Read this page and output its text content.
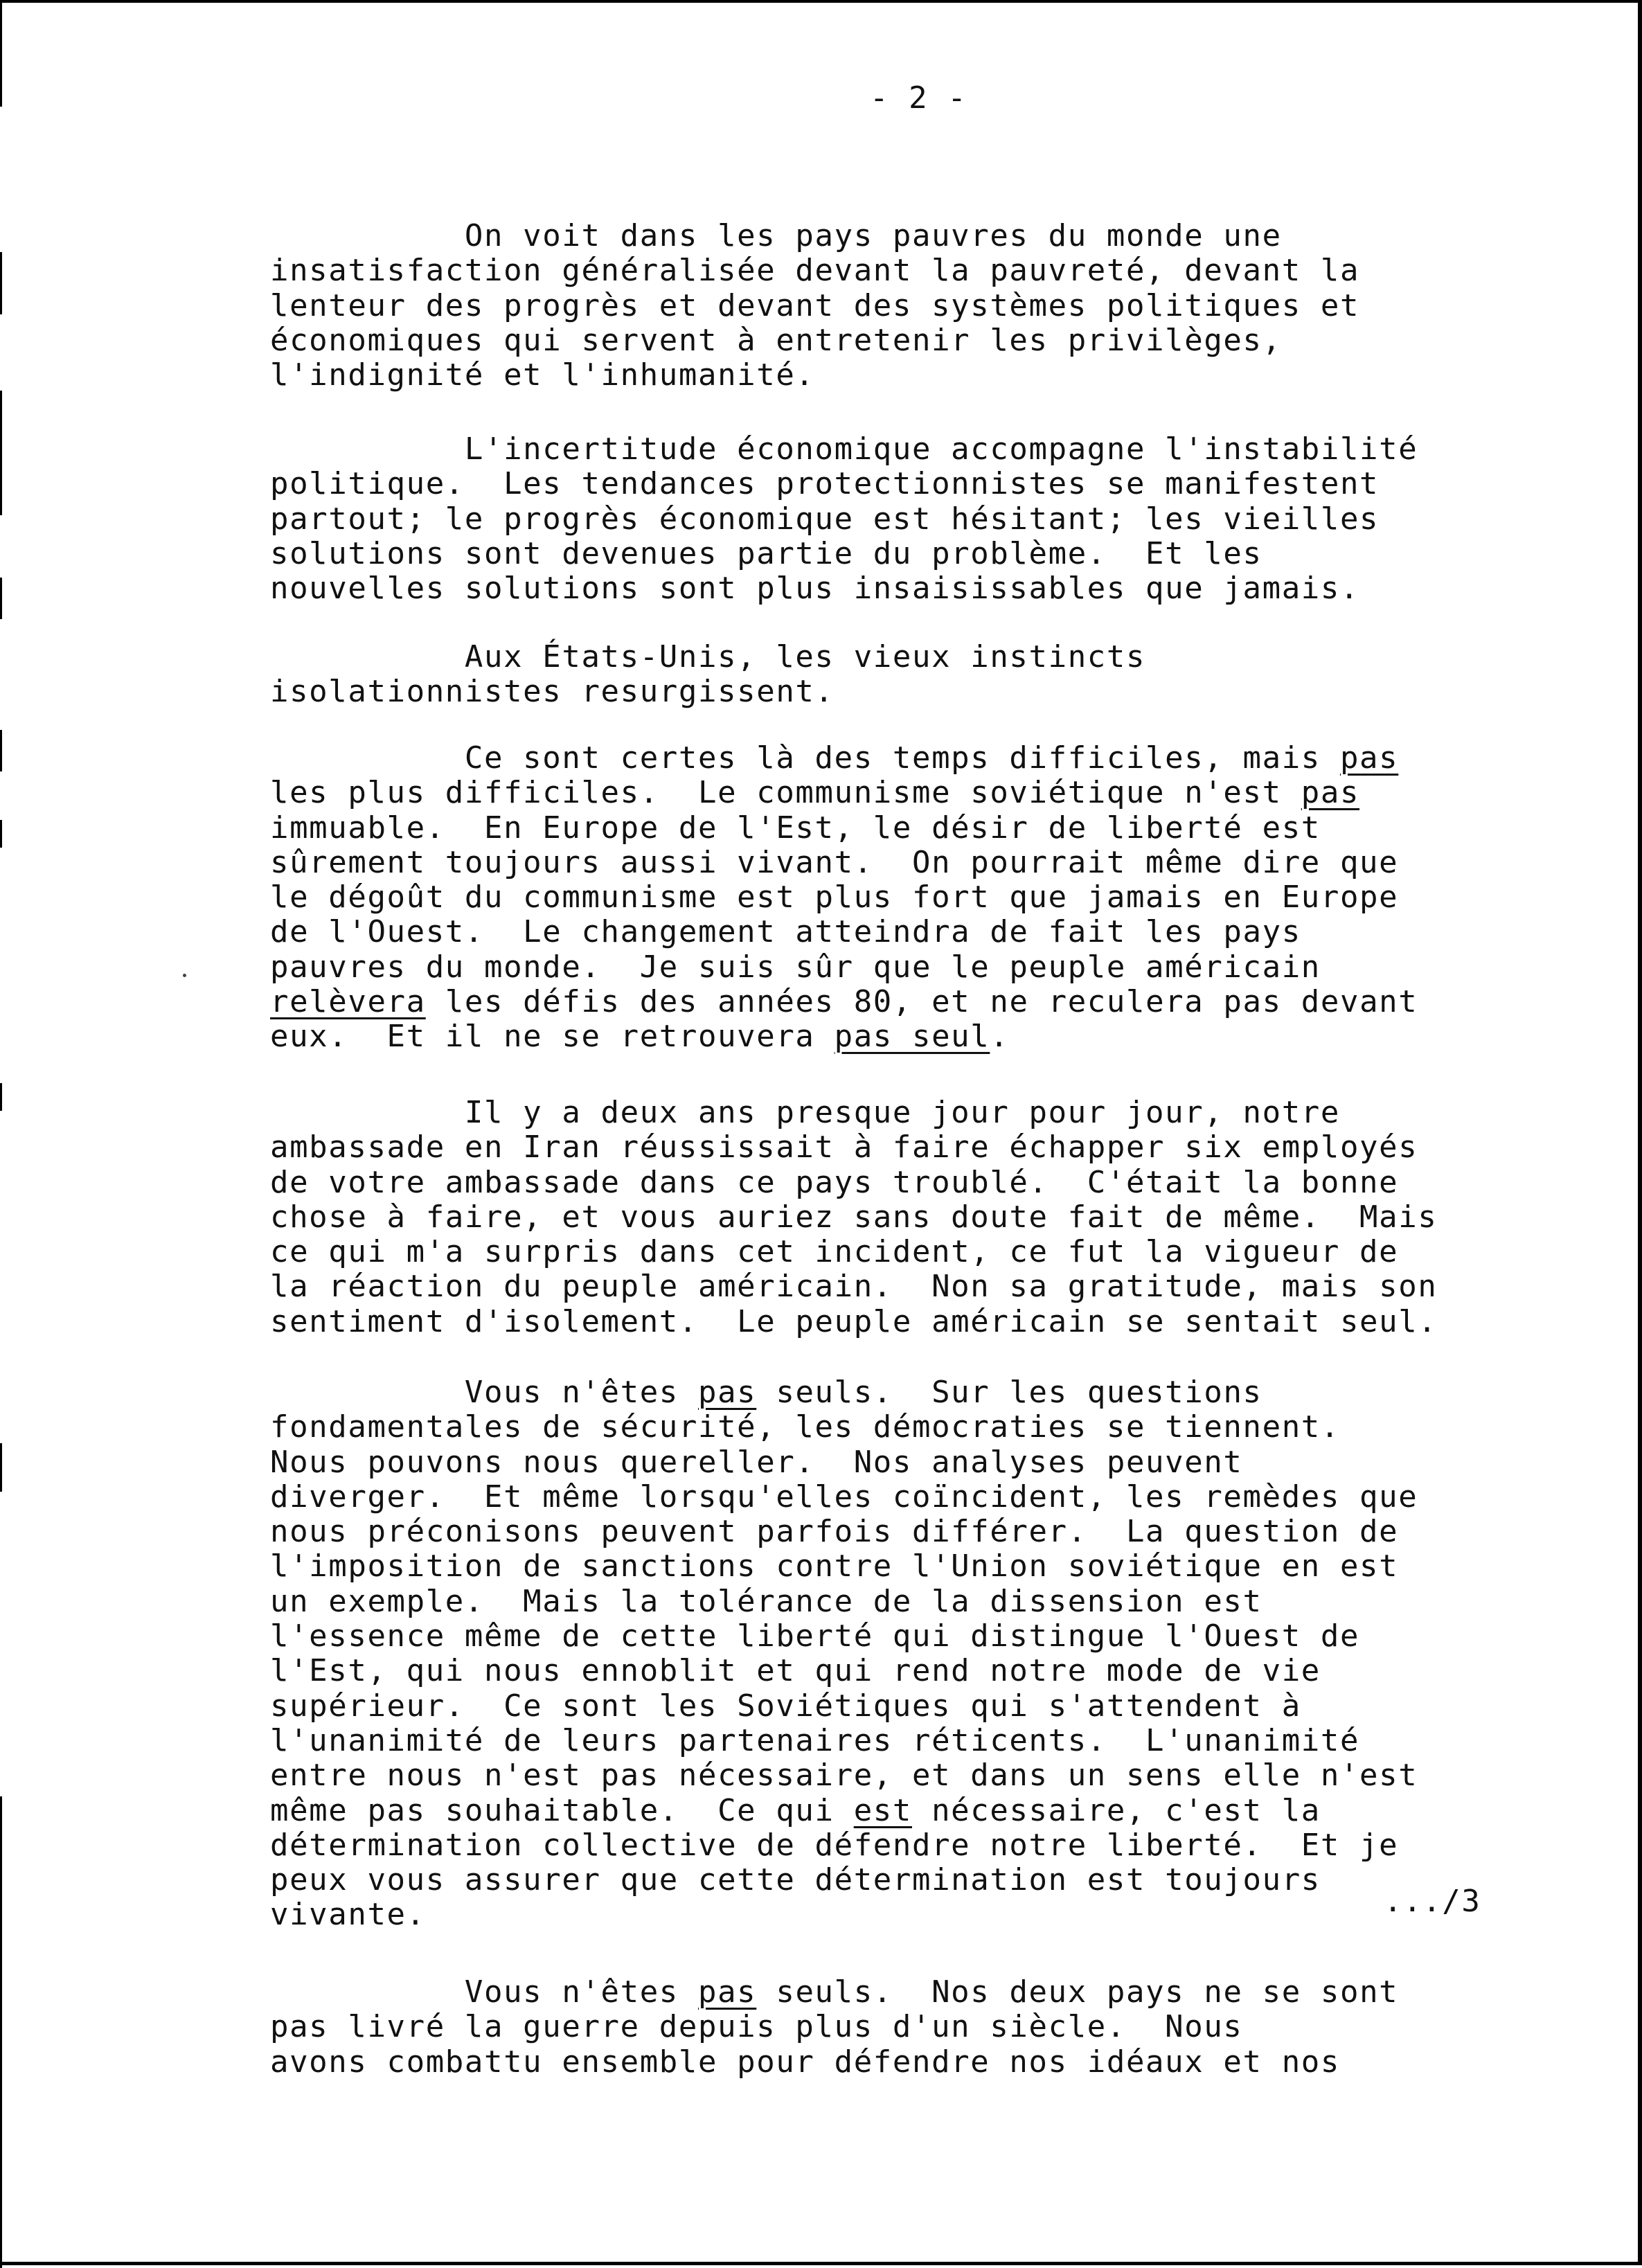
- 2 -
On voit dans les pays pauvres du monde une
insatisfaction généralisée devant la pauvreté, devant la
lenteur des progrès et devant des systèmes politiques et
économiques qui servent à entretenir les privilèges,
l'indignité et l'inhumanité.
L'incertitude économique accompagne l'instabilité
politique.  Les tendances protectionnistes se manifestent
partout; le progrès économique est hésitant; les vieilles
solutions sont devenues partie du problème.  Et les
nouvelles solutions sont plus insaisissables que jamais.
Aux États-Unis, les vieux instincts
isolationnistes resurgissent.
Ce sont certes là des temps difficiles, mais pas
les plus difficiles.  Le communisme soviétique n'est pas
immuable.  En Europe de l'Est, le désir de liberté est
sûrement toujours aussi vivant.  On pourrait même dire que
le dégoût du communisme est plus fort que jamais en Europe
de l'Ouest.  Le changement atteindra de fait les pays
pauvres du monde.  Je suis sûr que le peuple américain
relèvera les défis des années 80, et ne reculera pas devant
eux.  Et il ne se retrouvera pas seul.
Il y a deux ans presque jour pour jour, notre
ambassade en Iran réussissait à faire échapper six employés
de votre ambassade dans ce pays troublé.  C'était la bonne
chose à faire, et vous auriez sans doute fait de même.  Mais
ce qui m'a surpris dans cet incident, ce fut la vigueur de
la réaction du peuple américain.  Non sa gratitude, mais son
sentiment d'isolement.  Le peuple américain se sentait seul.
Vous n'êtes pas seuls.  Sur les questions
fondamentales de sécurité, les démocraties se tiennent.
Nous pouvons nous quereller.  Nos analyses peuvent
diverger.  Et même lorsqu'elles coïncident, les remèdes que
nous préconisons peuvent parfois différer.  La question de
l'imposition de sanctions contre l'Union soviétique en est
un exemple.  Mais la tolérance de la dissension est
l'essence même de cette liberté qui distingue l'Ouest de
l'Est, qui nous ennoblit et qui rend notre mode de vie
supérieur.  Ce sont les Soviétiques qui s'attendent à
l'unanimité de leurs partenaires réticents.  L'unanimité
entre nous n'est pas nécessaire, et dans un sens elle n'est
même pas souhaitable.  Ce qui est nécessaire, c'est la
détermination collective de défendre notre liberté.  Et je
peux vous assurer que cette détermination est toujours
vivante.
Vous n'êtes pas seuls.  Nos deux pays ne se sont
pas livré la guerre depuis plus d'un siècle.  Nous
avons combattu ensemble pour défendre nos idéaux et nos
.../3
